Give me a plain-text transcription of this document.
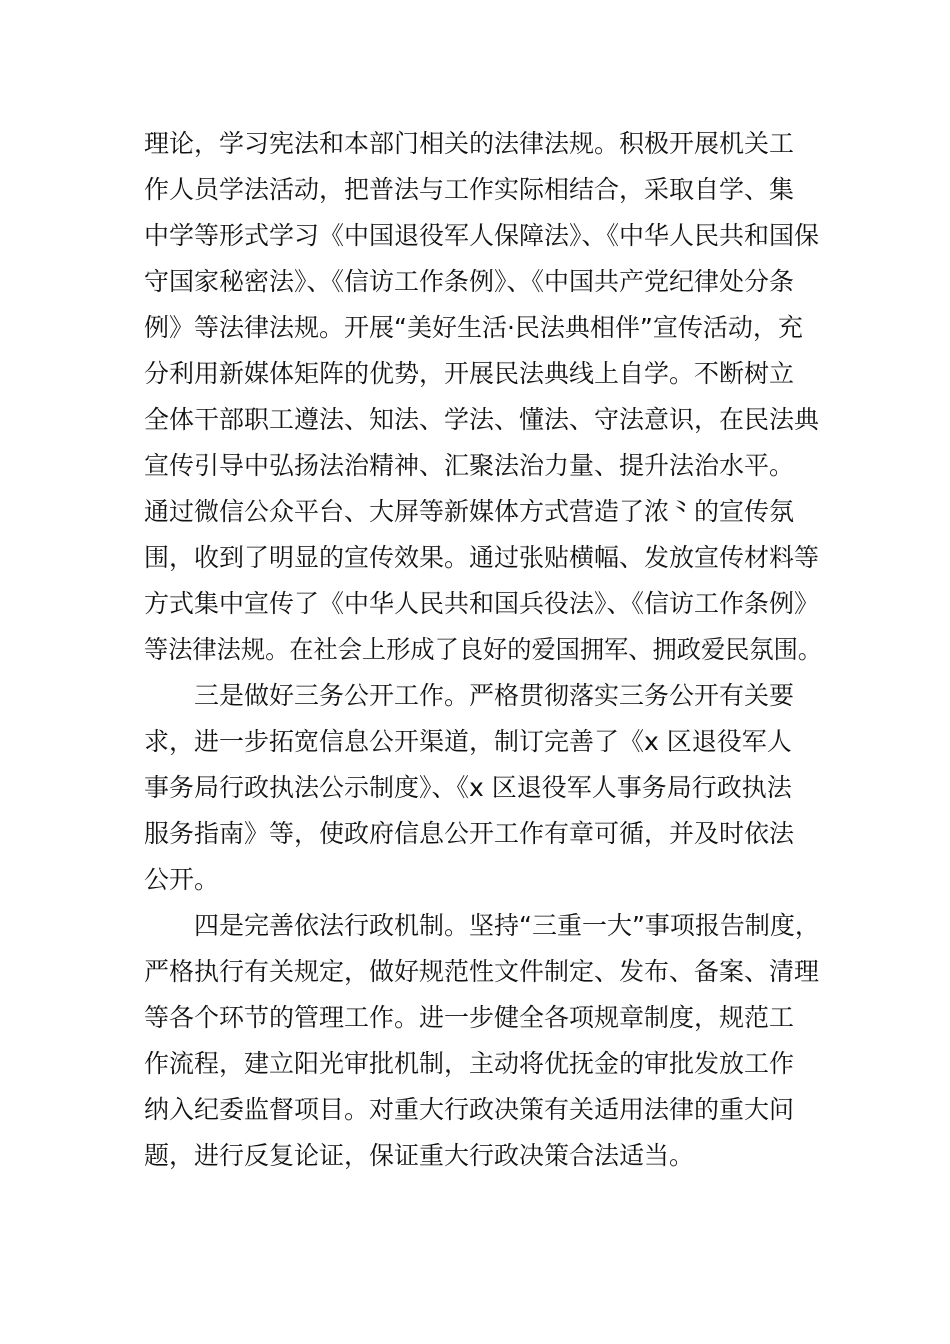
理论，学习宪法和本部门相关的法律法规。积极开展机关工
作人员学法活动，把普法与工作实际相结合，采取自学、集
中学等形式学习《中国退役军人保障法》、《中华人民共和国保
守国家秘密法》、《信访工作条例》、《中国共产党纪律处分条
例》等法律法规。开展“美好生活·民法典相伴”宣传活动，充
分利用新媒体矩阵的优势，开展民法典线上自学。不断树立
全体干部职工遵法、知法、学法、懂法、守法意识，在民法典
宣传引导中弘扬法治精神、汇聚法治力量、提升法治水平。
通过微信公众平台、大屏等新媒体方式营造了浓⺀的宣传氛
围，收到了明显的宣传效果。通过张贴横幅、发放宣传材料等
方式集中宣传了《中华人民共和国兵役法》、《信访工作条例》
等法律法规。在社会上形成了良好的爱国拥军、拥政爱民氛围。
三是做好三务公开工作。严格贯彻落实三务公开有关要
求，进一步拓宽信息公开渠道，制订完善了《x 区退役军人
事务局行政执法公示制度》、《x 区退役军人事务局行政执法
服务指南》等，使政府信息公开工作有章可循，并及时依法
公开。
四是完善依法行政机制。坚持“三重一大”事项报告制度，
严格执行有关规定，做好规范性文件制定、发布、备案、清理
等各个环节的管理工作。进一步健全各项规章制度，规范工
作流程，建立阳光审批机制，主动将优抚金的审批发放工作
纳入纪委监督项目。对重大行政决策有关适用法律的重大问
题，进行反复论证，保证重大行政决策合法适当。
